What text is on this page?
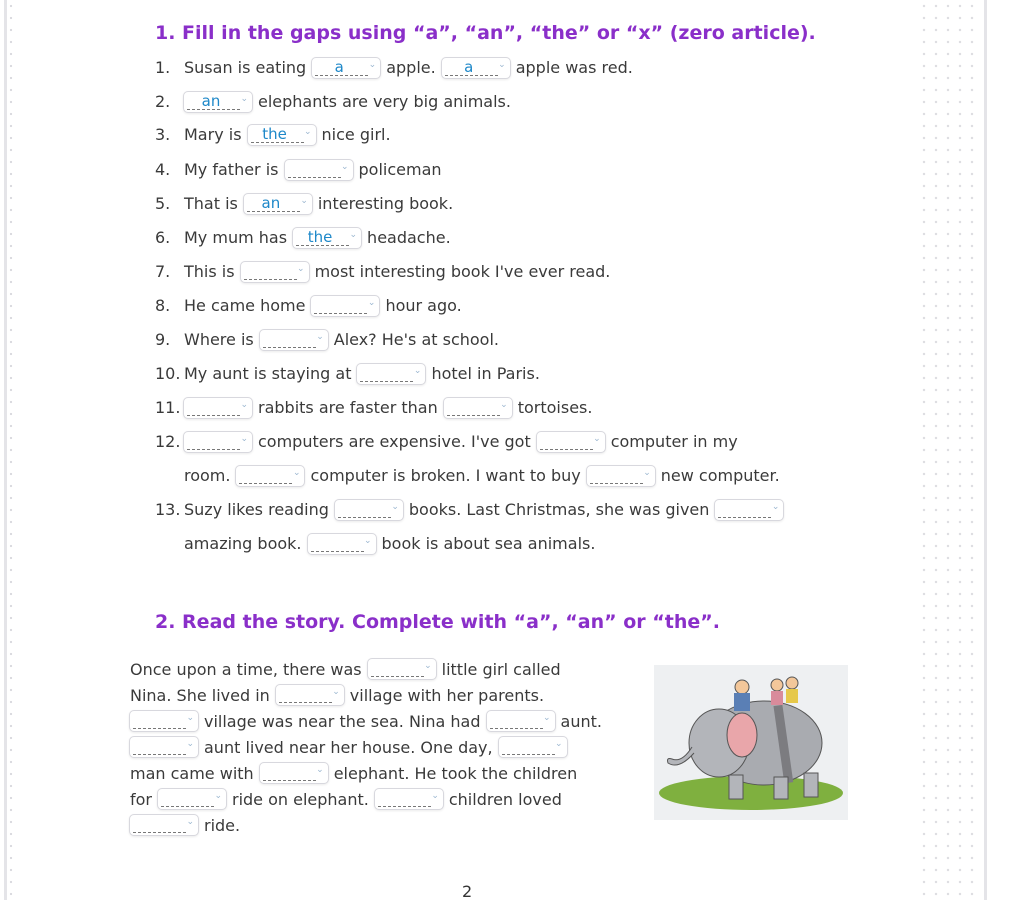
1. Fill in the gaps using “a”, “an”, “the” or “x” (zero article).
1. Susan is eating	a	⌄ apple.	a	⌄ apple was red.
2.	an	⌄ elephants are very big animals.
3. Mary is	the	⌄ nice girl.
4. My father is	⌄ policeman
5. That is	an	⌄ interesting book.
6. My mum has	the	⌄ headache.
7. This is	⌄ most interesting book I've ever read.
8. He came home	⌄ hour ago.
9. Where is	⌄ Alex? He's at school.
10. My aunt is staying at	⌄ hotel in Paris.
11.	⌄ rabbits are faster than	⌄ tortoises.
12.	⌄ computers are expensive. I've got	⌄ computer in my
room.	⌄ computer is broken. I want to buy	⌄ new computer.
13. Suzy likes reading	⌄ books. Last Christmas, she was given	⌄
amazing book.	⌄ book is about sea animals.
2. Read the story. Complete with “a”, “an” or “the”.
Once upon a time, there was	⌄ little girl called
Nina. She lived in	⌄ village with her parents.
⌄ village was near the sea. Nina had	⌄ aunt.
⌄ aunt lived near her house. One day,	⌄
man came with	⌄ elephant. He took the children
for	⌄ ride on elephant.	⌄ children loved
⌄ ride.
2
